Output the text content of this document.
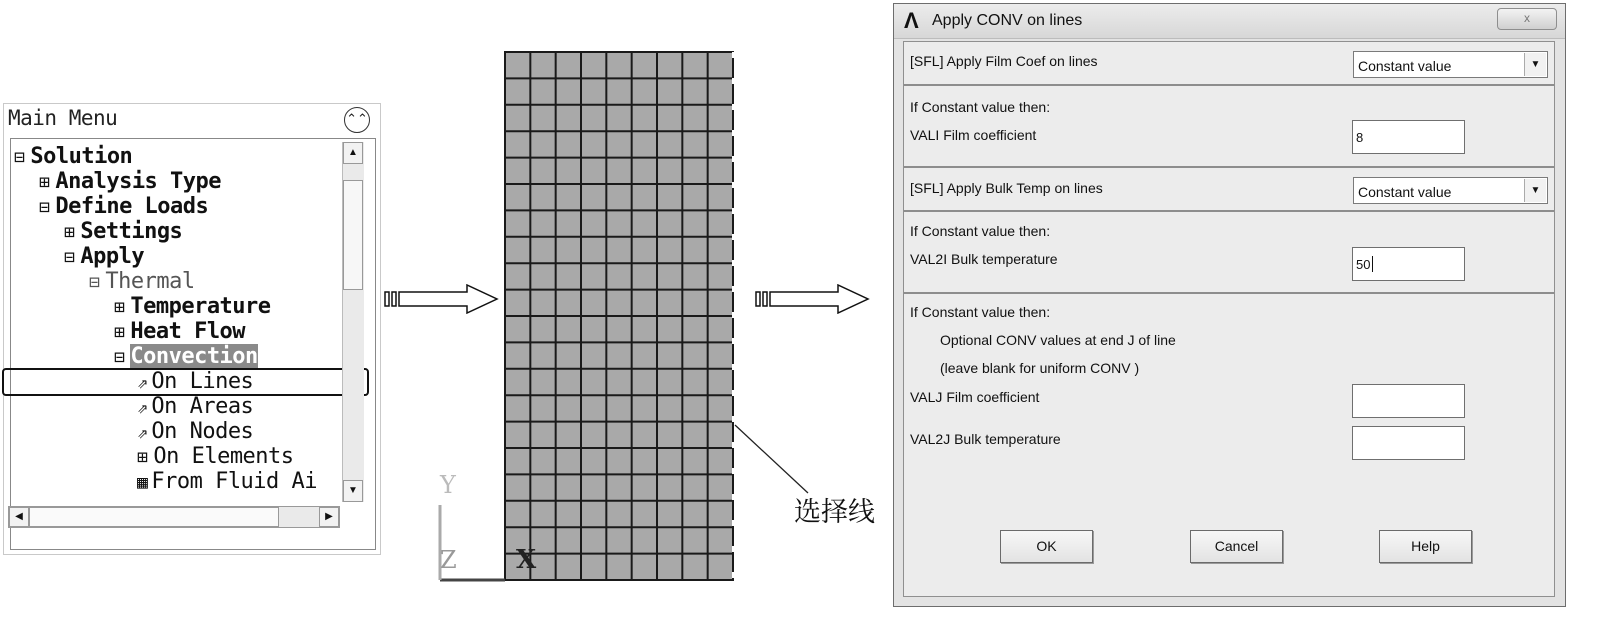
Main Menu	⌃⌃
⊟ Solution
⊞ Analysis Type
⊟ Define Loads
⊞ Settings
⊟ Apply
⊟ Thermal
⊞ Temperature
⊞ Heat Flow
⊟ Convection
⇗ On Lines
⇗ On Areas
⇗ On Nodes
⊞ On Elements
▦ From Fluid Ai
▲
▼
◀	▶
Y
Z X
选择线
Λ Apply CONV on lines	x
[SFL] Apply Film Coef on lines	Constant value	▼
If Constant value then:
VALI Film coefficient	8
[SFL] Apply Bulk Temp on lines	Constant value	▼
If Constant value then:
VAL2I Bulk temperature	50
If Constant value then:
Optional CONV values at end J of line
(leave blank for uniform CONV )
VALJ Film coefficient
VAL2J Bulk temperature
OK	Cancel	Help
